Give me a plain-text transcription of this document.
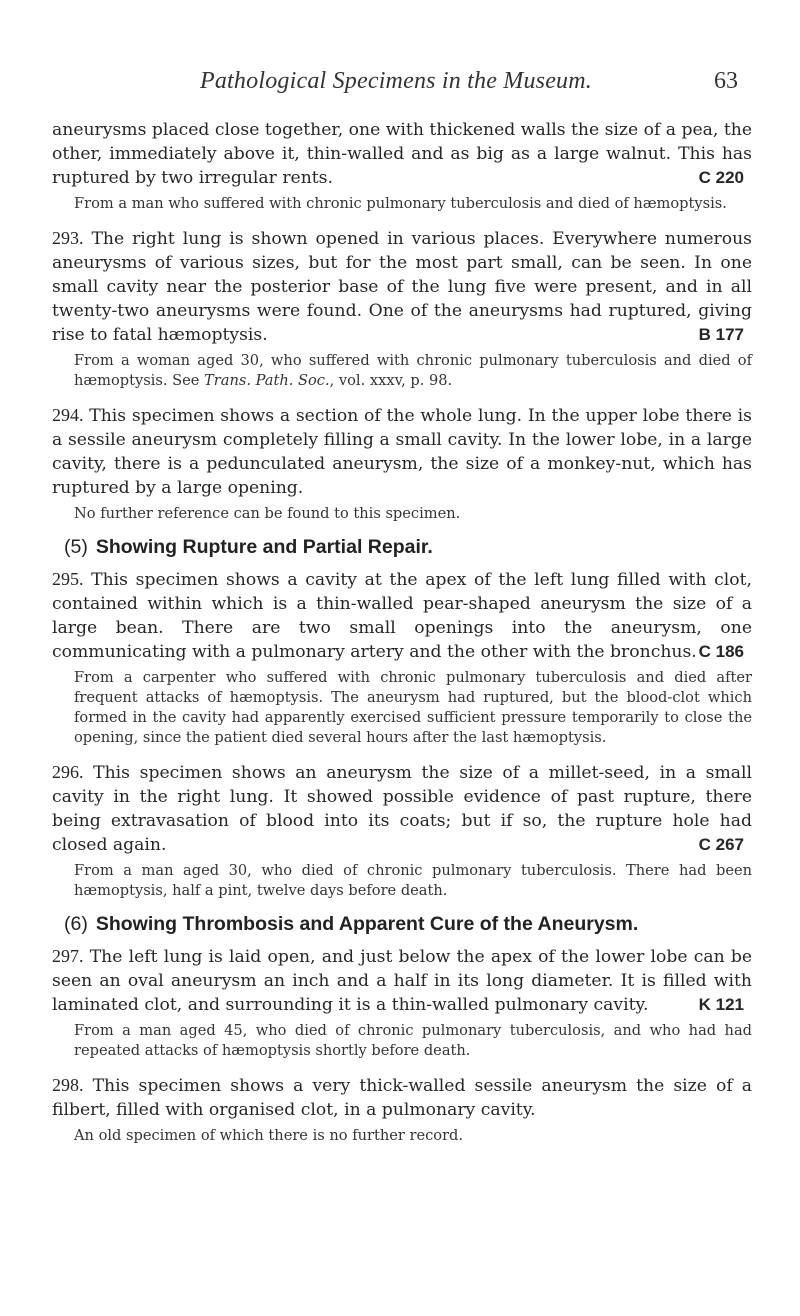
Pathological Specimens in the Museum.	63

aneurysms placed close together, one with thickened walls the size of a pea, the other, immediately above it, thin-walled and as big as a large walnut. This has ruptured by two irregular rents.	C 220

From a man who suffered with chronic pulmonary tuberculosis and died of hæmoptysis.

293. The right lung is shown opened in various places. Everywhere numerous aneurysms of various sizes, but for the most part small, can be seen. In one small cavity near the posterior base of the lung five were present, and in all twenty-two aneurysms were found. One of the aneurysms had ruptured, giving rise to fatal hæmoptysis.	B 177

From a woman aged 30, who suffered with chronic pulmonary tuberculosis and died of hæmoptysis. See Trans. Path. Soc., vol. xxxv, p. 98.

294. This specimen shows a section of the whole lung. In the upper lobe there is a sessile aneurysm completely filling a small cavity. In the lower lobe, in a large cavity, there is a pedunculated aneurysm, the size of a monkey-nut, which has ruptured by a large opening.

No further reference can be found to this specimen.

(5) Showing Rupture and Partial Repair.

295. This specimen shows a cavity at the apex of the left lung filled with clot, contained within which is a thin-walled pear-shaped aneurysm the size of a large bean. There are two small openings into the aneurysm, one communicating with a pulmonary artery and the other with the bronchus. C 186

From a carpenter who suffered with chronic pulmonary tuberculosis and died after frequent attacks of hæmoptysis. The aneurysm had ruptured, but the blood-clot which formed in the cavity had apparently exercised sufficient pressure temporarily to close the opening, since the patient died several hours after the last hæmoptysis.

296. This specimen shows an aneurysm the size of a millet-seed, in a small cavity in the right lung. It showed possible evidence of past rupture, there being extravasation of blood into its coats; but if so, the rupture hole had closed again.	C 267

From a man aged 30, who died of chronic pulmonary tuberculosis. There had been hæmoptysis, half a pint, twelve days before death.

(6) Showing Thrombosis and Apparent Cure of the Aneurysm.

297. The left lung is laid open, and just below the apex of the lower lobe can be seen an oval aneurysm an inch and a half in its long diameter. It is filled with laminated clot, and surrounding it is a thin-walled pulmonary cavity.	K 121

From a man aged 45, who died of chronic pulmonary tuberculosis, and who had had repeated attacks of hæmoptysis shortly before death.

298. This specimen shows a very thick-walled sessile aneurysm the size of a filbert, filled with organised clot, in a pulmonary cavity.

An old specimen of which there is no further record.
